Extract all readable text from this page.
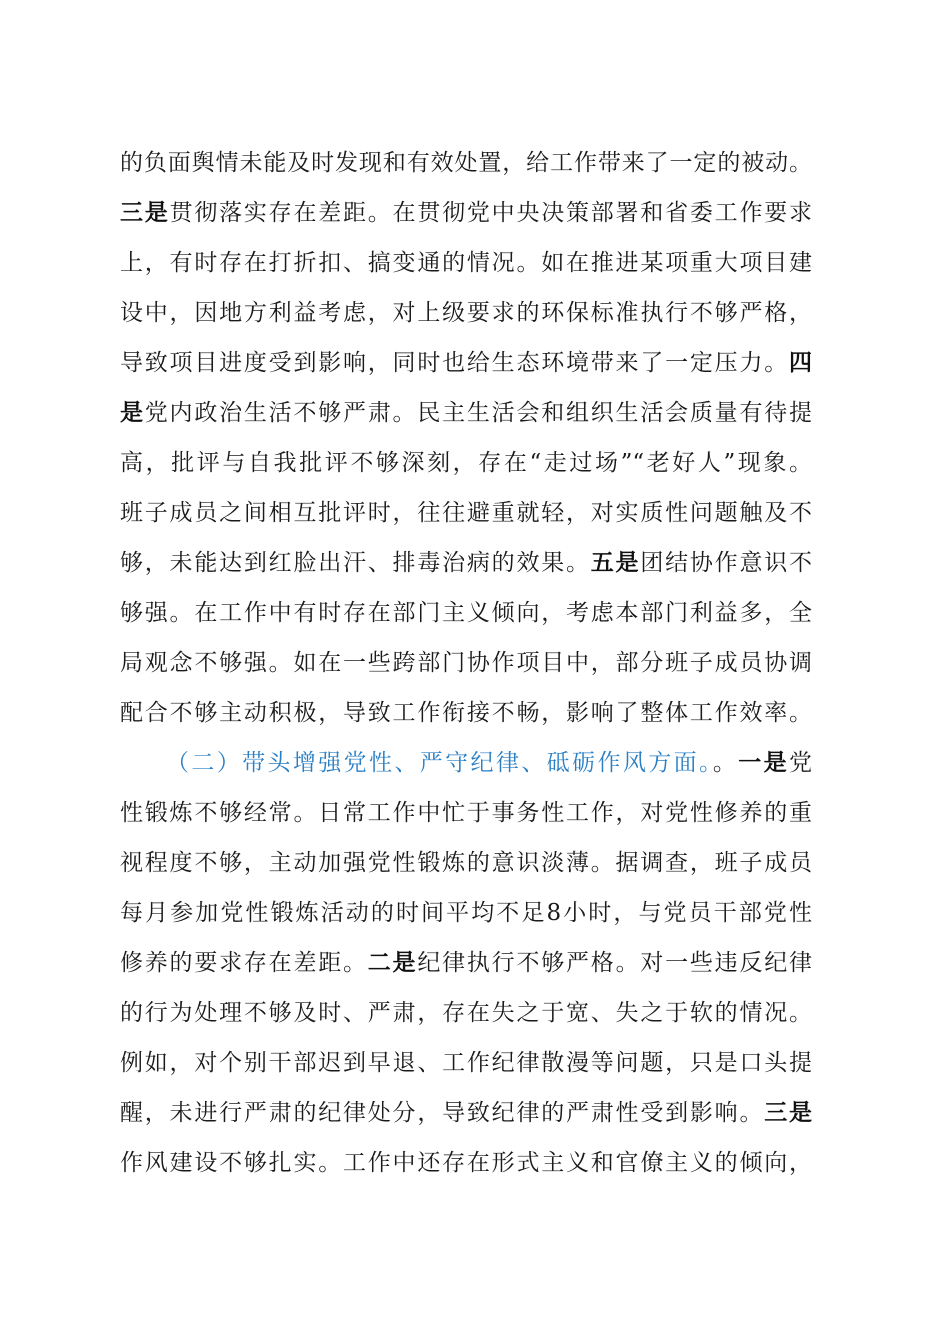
的负面舆情未能及时发现和有效处置，给工作带来了一定的被动。
三是贯彻落实存在差距。在贯彻党中央决策部署和省委工作要求
上，有时存在打折扣、搞变通的情况。如在推进某项重大项目建
设中，因地方利益考虑，对上级要求的环保标准执行不够严格，
导致项目进度受到影响，同时也给生态环境带来了一定压力。四
是党内政治生活不够严肃。民主生活会和组织生活会质量有待提
高，批评与自我批评不够深刻，存在“走过场”“老好人”现象。
班子成员之间相互批评时，往往避重就轻，对实质性问题触及不
够，未能达到红脸出汗、排毒治病的效果。五是团结协作意识不
够强。在工作中有时存在部门主义倾向，考虑本部门利益多，全
局观念不够强。如在一些跨部门协作项目中，部分班子成员协调
配合不够主动积极，导致工作衔接不畅，影响了整体工作效率。
（二）带头增强党性、严守纪律、砥砺作风方面。。一是党
性锻炼不够经常。日常工作中忙于事务性工作，对党性修养的重
视程度不够，主动加强党性锻炼的意识淡薄。据调查，班子成员
每月参加党性锻炼活动的时间平均不足8小时，与党员干部党性
修养的要求存在差距。二是纪律执行不够严格。对一些违反纪律
的行为处理不够及时、严肃，存在失之于宽、失之于软的情况。
例如，对个别干部迟到早退、工作纪律散漫等问题，只是口头提
醒，未进行严肃的纪律处分，导致纪律的严肃性受到影响。三是
作风建设不够扎实。工作中还存在形式主义和官僚主义的倾向，
